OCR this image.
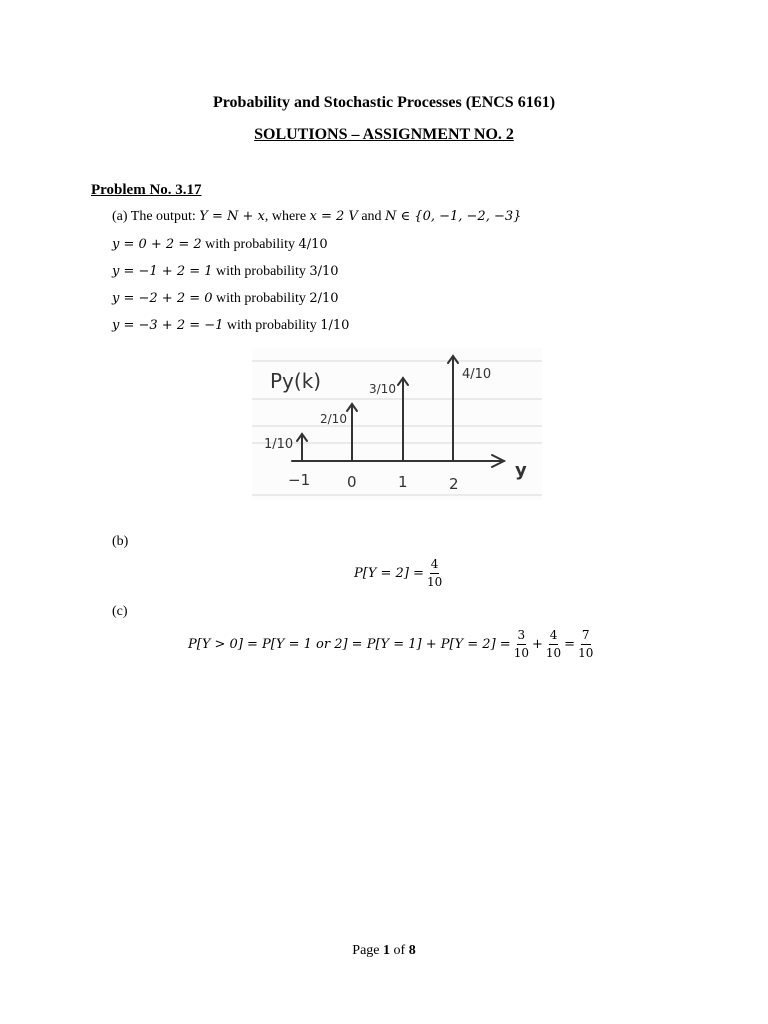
Probability and Stochastic Processes (ENCS 6161)
SOLUTIONS – ASSIGNMENT NO. 2
Problem No. 3.17
(a) The output: Y = N + x, where x = 2 V and N ∈ {0, −1, −2, −3}
y = 0 + 2 = 2 with probability 4/10
y = −1 + 2 = 1 with probability 3/10
y = −2 + 2 = 0 with probability 2/10
y = −3 + 2 = −1 with probability 1/10
Py(k)
y
−1 0	1	2
1/10
2/10
3/10
4/10
(b)
$P[Y = 2] = \frac{4}{10}$
(c)
P[Y > 0] = P[Y = 1 or $2] = P[Y = 1] + P[Y = 2] = \frac{3}{10} + \frac{4}{10} = \frac{7}{10}$
Page 1 of 8
